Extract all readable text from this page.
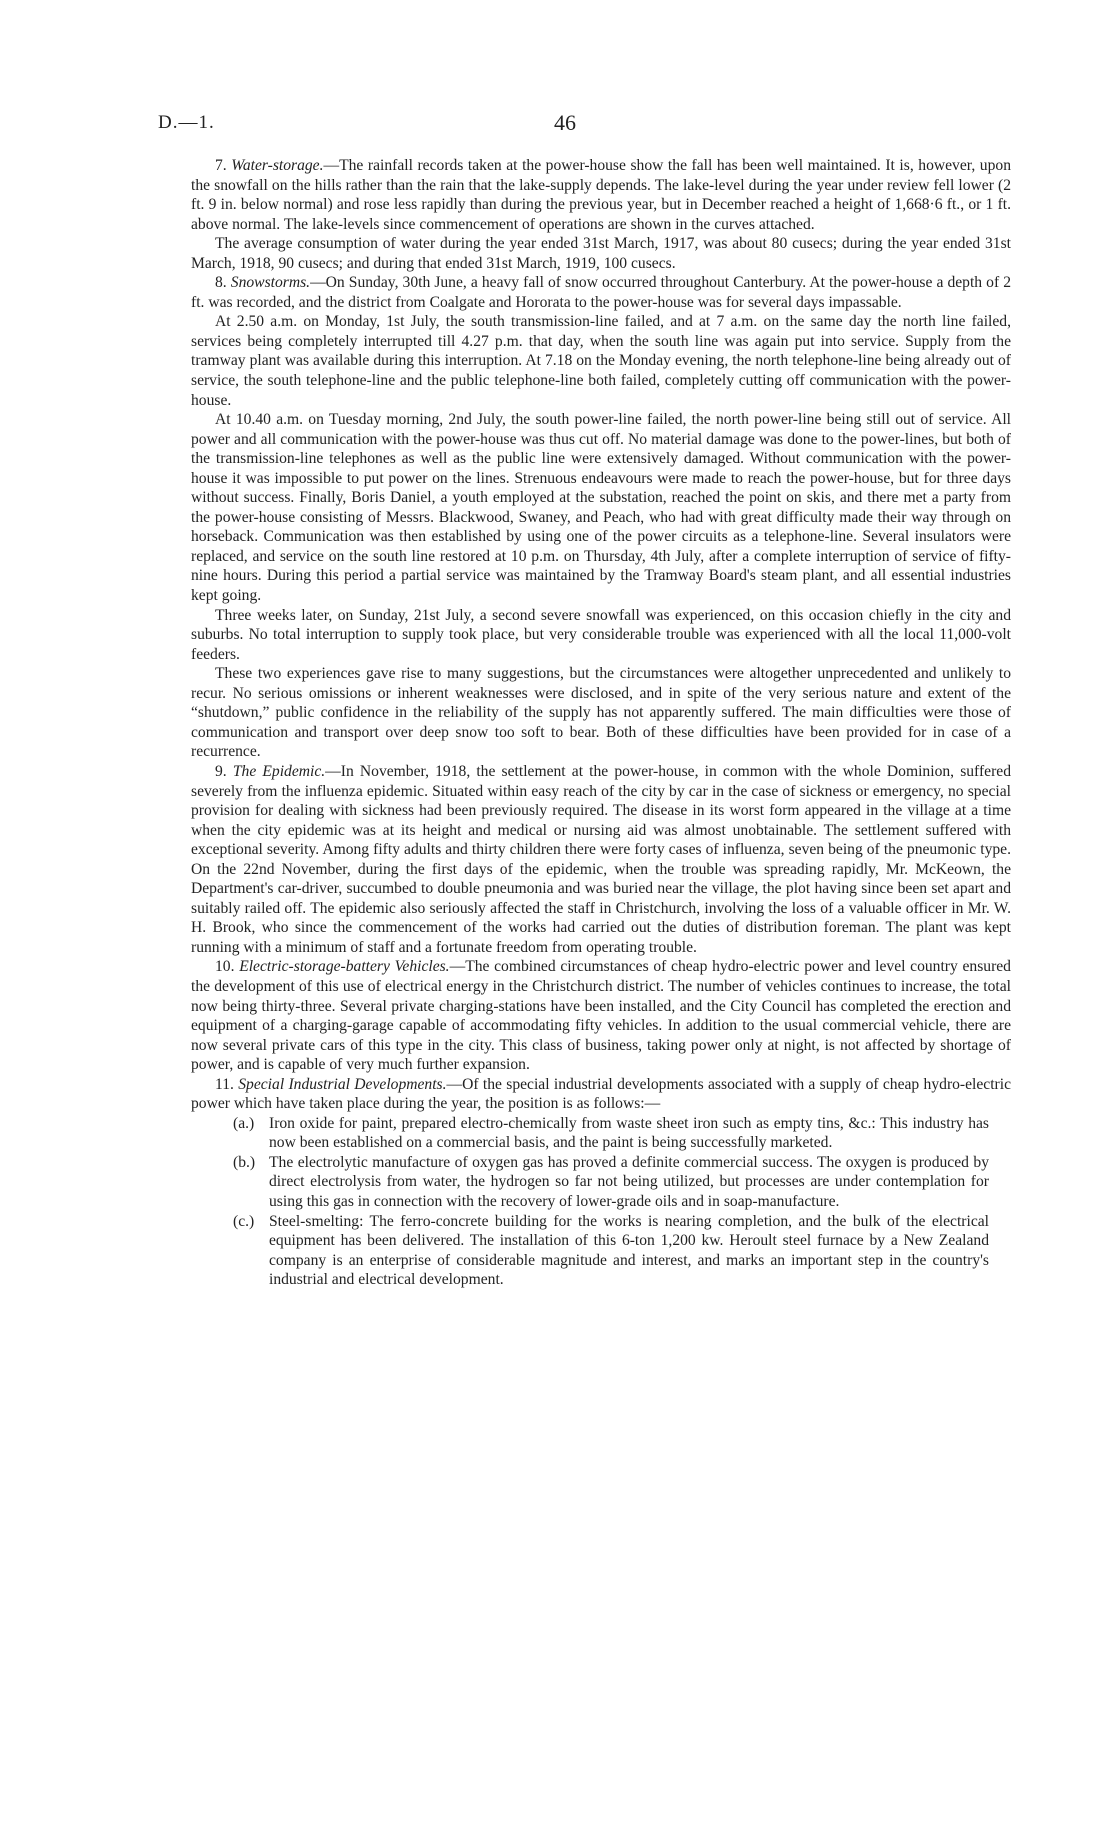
D.—1.	46

7. Water-storage.—The rainfall records taken at the power-house show the fall has been well maintained. It is, however, upon the snowfall on the hills rather than the rain that the lake-supply depends. The lake-level during the year under review fell lower (2 ft. 9 in. below normal) and rose less rapidly than during the previous year, but in December reached a height of 1,668·6 ft., or 1 ft. above normal. The lake-levels since commencement of operations are shown in the curves attached.

The average consumption of water during the year ended 31st March, 1917, was about 80 cusecs; during the year ended 31st March, 1918, 90 cusecs; and during that ended 31st March, 1919, 100 cusecs.

8. Snowstorms.—On Sunday, 30th June, a heavy fall of snow occurred throughout Canterbury. At the power-house a depth of 2 ft. was recorded, and the district from Coalgate and Hororata to the power-house was for several days impassable.

At 2.50 a.m. on Monday, 1st July, the south transmission-line failed, and at 7 a.m. on the same day the north line failed, services being completely interrupted till 4.27 p.m. that day, when the south line was again put into service. Supply from the tramway plant was available during this interruption. At 7.18 on the Monday evening, the north telephone-line being already out of service, the south telephone-line and the public telephone-line both failed, completely cutting off communication with the power-house.

At 10.40 a.m. on Tuesday morning, 2nd July, the south power-line failed, the north power-line being still out of service. All power and all communication with the power-house was thus cut off. No material damage was done to the power-lines, but both of the transmission-line telephones as well as the public line were extensively damaged. Without communication with the power-house it was impossible to put power on the lines. Strenuous endeavours were made to reach the power-house, but for three days without success. Finally, Boris Daniel, a youth employed at the substation, reached the point on skis, and there met a party from the power-house consisting of Messrs. Blackwood, Swaney, and Peach, who had with great difficulty made their way through on horseback. Communication was then established by using one of the power circuits as a telephone-line. Several insulators were replaced, and service on the south line restored at 10 p.m. on Thursday, 4th July, after a complete interruption of service of fifty-nine hours. During this period a partial service was maintained by the Tramway Board's steam plant, and all essential industries kept going.

Three weeks later, on Sunday, 21st July, a second severe snowfall was experienced, on this occasion chiefly in the city and suburbs. No total interruption to supply took place, but very considerable trouble was experienced with all the local 11,000-volt feeders.

These two experiences gave rise to many suggestions, but the circumstances were altogether unprecedented and unlikely to recur. No serious omissions or inherent weaknesses were disclosed, and in spite of the very serious nature and extent of the “shutdown,” public confidence in the reliability of the supply has not apparently suffered. The main difficulties were those of communication and transport over deep snow too soft to bear. Both of these difficulties have been provided for in case of a recurrence.

9. The Epidemic.—In November, 1918, the settlement at the power-house, in common with the whole Dominion, suffered severely from the influenza epidemic. Situated within easy reach of the city by car in the case of sickness or emergency, no special provision for dealing with sickness had been previously required. The disease in its worst form appeared in the village at a time when the city epidemic was at its height and medical or nursing aid was almost unobtainable. The settlement suffered with exceptional severity. Among fifty adults and thirty children there were forty cases of influenza, seven being of the pneumonic type. On the 22nd November, during the first days of the epidemic, when the trouble was spreading rapidly, Mr. McKeown, the Department's car-driver, succumbed to double pneumonia and was buried near the village, the plot having since been set apart and suitably railed off. The epidemic also seriously affected the staff in Christchurch, involving the loss of a valuable officer in Mr. W. H. Brook, who since the commencement of the works had carried out the duties of distribution foreman. The plant was kept running with a minimum of staff and a fortunate freedom from operating trouble.

10. Electric-storage-battery Vehicles.—The combined circumstances of cheap hydro-electric power and level country ensured the development of this use of electrical energy in the Christchurch district. The number of vehicles continues to increase, the total now being thirty-three. Several private charging-stations have been installed, and the City Council has completed the erection and equipment of a charging-garage capable of accommodating fifty vehicles. In addition to the usual commercial vehicle, there are now several private cars of this type in the city. This class of business, taking power only at night, is not affected by shortage of power, and is capable of very much further expansion.

11. Special Industrial Developments.—Of the special industrial developments associated with a supply of cheap hydro-electric power which have taken place during the year, the position is as follows:—

(a.) Iron oxide for paint, prepared electro-chemically from waste sheet iron such as empty tins, &c.: This industry has now been established on a commercial basis, and the paint is being successfully marketed.
(b.) The electrolytic manufacture of oxygen gas has proved a definite commercial success. The oxygen is produced by direct electrolysis from water, the hydrogen so far not being utilized, but processes are under contemplation for using this gas in connection with the recovery of lower-grade oils and in soap-manufacture.
(c.) Steel-smelting: The ferro-concrete building for the works is nearing completion, and the bulk of the electrical equipment has been delivered. The installation of this 6-ton 1,200 kw. Heroult steel furnace by a New Zealand company is an enterprise of considerable magnitude and interest, and marks an important step in the country's industrial and electrical development.
